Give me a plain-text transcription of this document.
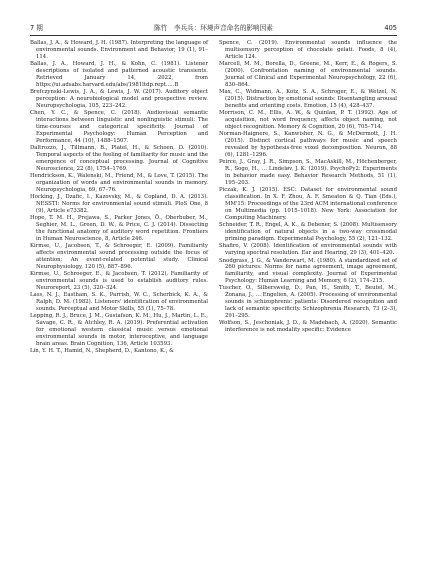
7 期	陈竹　李兵兵：环境声音命名的影响因素	405

Ballas, J. A., & Howard, J. H. (1987). Interpreting the language of environmental sounds. Environment and Behavior, 19 (1), 91–114.

Ballas, J. A., Howard, J. H., & Kohn, C. (1981). Listener descriptions of isolated and patterned acoustic transients. Retrieved January 14, 2022, from https://ui.adsabs.harvard.edu/abs/1981ltdp.rept.....B

Brefczynski-Lewis, J. A., & Lewis, J. W. (2017). Auditory object perception: A neurobiological model and prospective review. Neuropsychologia, 105, 223–242.

Chen, Y. C., & Spence, C. (2018). Audiovisual semantic interactions between linguistic and nonlinguistic stimuli: The time-courses and categorical specificity. Journal of Experimental Psychology: Human Perception and Performance, 44 (10), 1488–1507.

Daltrozzo, J., Tillmann, B., Platel, H., & Schoen, D. (2010). Temporal aspects of the feeling of familiarity for music and the emergence of conceptual processing. Journal of Cognitive Neuroscience, 22 (8), 1754–1769.

Hendrickson, K., Walenski, M., Friend, M., & Love, T. (2015). The organization of words and environmental sounds in memory. Neuropsychologia, 69, 67–76.

Hocking, J., Dzafic, I., Kazovsky, M., & Copland, D. A. (2013). NESSTI: Norms for environmental sound stimuli. PloS One, 8 (9), Article e73382.

Hope, T. M. H., Prejawa, S., Parker Jones, Ō., Oberhuber, M., Seghier, M. L., Green, D. W., & Price, C. J. (2014). Dissecting the functional anatomy of auditory word repetition. Frontiers in Human Neuroscience, 8, Article 246.

Kirmse, U., Jacobsen, T., & Schroeger, E. (2009). Familiarity affects environmental sound processing outside the focus of attention: An event-related potential study. Clinical Neurophysiology, 120 (5), 887–896.

Kirmse, U., Schroeger, E., & Jacobsen, T. (2012). Familiarity of environmental sounds is used to establish auditory rules. Neuroreport, 23 (5), 320–324.

Lass, N. J., Eastham, S. K., Parrish, W. C., Scherbick, K. A., & Ralph, D. M. (1982). Listeners' identification of environmental sounds. Perceptual and Motor Skills, 55 (1), 75–78.

Lepping, R. J., Bruce, J. M., Gustafson, K. M., Hu, J., Martin, L. E., Savage, C. R., & Atchley, R. A. (2019). Preferential activation for emotional western classical music versus emotional environmental sounds in motor, interoceptive, and language brain areas. Brain Cognition, 136, Article 103593.

Lin, Y. H. T., Hamid, N., Shepherd, D., Kantono, K., &

Spence, C. (2019). Environmental sounds influence the multisensory perception of chocolate gelati. Foods, 8 (4), Article 124.

Marcell, M. M., Borella, D., Greene, M., Kerr, E., & Rogers, S. (2000). Confrontation naming of environmental sounds. Journal of Clinical and Experimental Neuropsychology, 22 (6), 830–864.

Max, C., Widmann, A., Kotz, S. A., Schroger, E., & Wetzel, N. (2015). Distraction by emotional sounds: Disentangling arousal benefits and orienting costs. Emotion, 15 (4), 428–437.

Morrison, C. M., Ellis, A. W., & Quinlan, P. T. (1992). Age of acquisition, not word frequency, affects object naming, not object recognition. Memory & Cognition, 20 (6), 705–714.

Norman-Haignere, S., Kanwisher, N. G., & McDermott, J. H. (2015). Distinct cortical pathways for music and speech revealed by hypothesis-free voxel decomposition. Neuron, 88 (6), 1281–1296.

Peirce, J., Gray, J. R., Simpson, S., MacAskill, M., Höchenberger, R., Sogo, H., ... Lindeløv, J. K. (2019). PsychoPy2: Experiments in behavior made easy. Behavior Research Methods, 51 (1), 195–203.

Piczak, K. J. (2015). ESC: Dataset for environmental sound classification. In X. F. Zhou, A. F. Smeaton & Q. Tian (Eds.), MM'15: Proceedings of the 23rd ACM international conference on Multimedia (pp. 1015–1018). New York: Association for Computing Machinery.

Schneider, T. R., Engel, A. K., & Debener, S. (2008). Multisensory identification of natural objects in a two-way crossmodal priming paradigm. Experimental Psychology, 55 (2), 121–132.

Shafiro, V. (2008). Identification of environmental sounds with varying spectral resolution. Ear and Hearing, 29 (3), 401–420.

Snodgrass, J. G., & Vanderwart, M. (1980). A standardized set of 260 pictures: Norms for name agreement, image agreement, familiarity, and visual complexity. Journal of Experimental Psychology: Human Learning and Memory, 6 (2), 174–215.

Tuscher, O., Silbersweig, D., Pan, H., Smith, T., Beutel, M., Zonana, J., ... Engelien, A. (2005). Processing of environmental sounds in schizophrenic patients: Disordered recognition and lack of semantic specificity. Schizophrenia Research, 73 (2–3), 291–295.

Wolfson, S., Jeschoniak, J. D., & Madebach, A. (2020). Semantic interference is not modality specific: Evidence
